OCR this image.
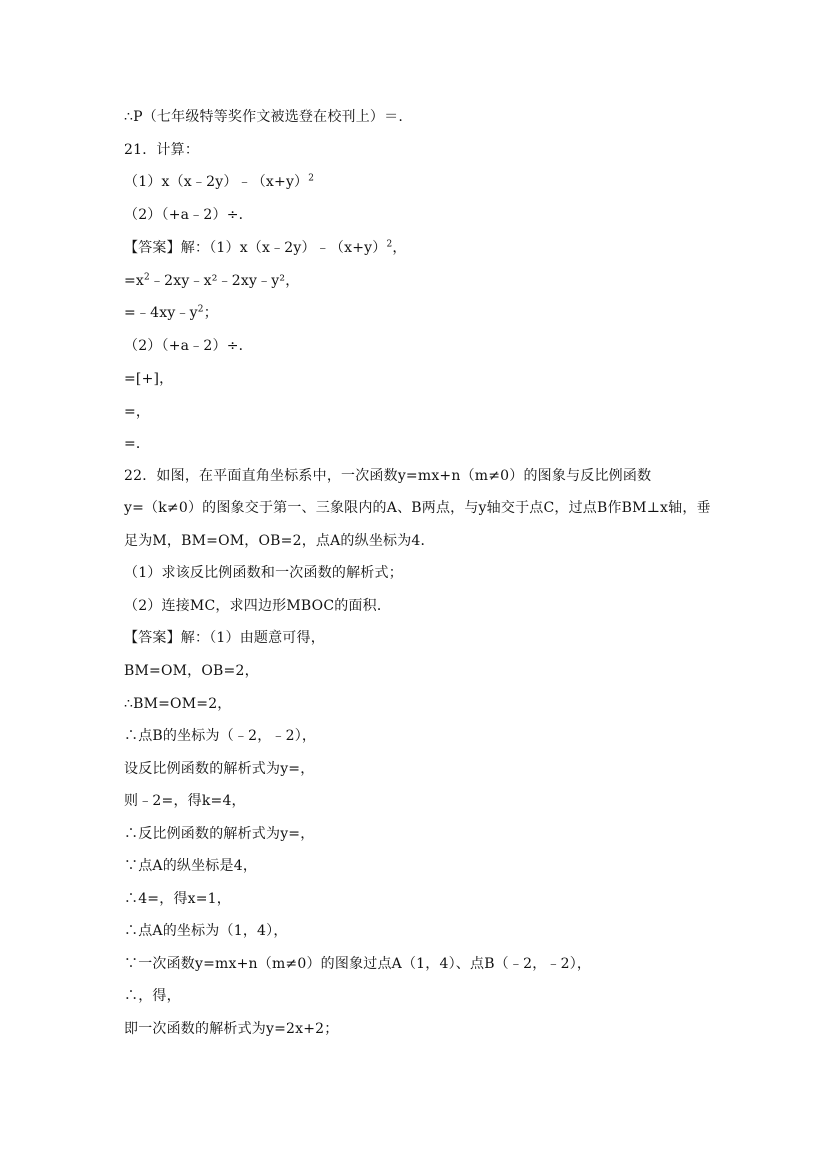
∴P（七年级特等奖作文被选登在校刊上）＝.
21．计算：
$(1)x(x﹣2y)﹣(x+y)^2$
（2）（+a﹣2）÷．
【答案】解：$(1)x(x﹣2y)﹣(x+y)^2$，
$=x^2﹣2xy﹣x^2﹣2xy﹣y^2$，
$=﹣4xy﹣y^2$；
（2）（+a﹣2）÷．
=[+]，
=，
=．
22．如图，在平面直角坐标系中，一次函数y=mx+n（m≠0）的图象与反比例函数
y=（k≠0）的图象交于第一、三象限内的A、B两点，与y轴交于点C，过点B作BM⊥x轴，垂
足为M，BM=OM，OB=2，点A的纵坐标为4．
（1）求该反比例函数和一次函数的解析式；
（2）连接MC，求四边形MBOC的面积．
【答案】解：（1）由题意可得，
BM=OM，OB=2，
∴BM=OM=2，
∴点B的坐标为（﹣2，﹣2），
设反比例函数的解析式为y=，
则﹣2=，得k=4，
∴反比例函数的解析式为y=，
∵点A的纵坐标是4，
∴4=，得x=1，
∴点A的坐标为（1，4），
∵一次函数y=mx+n（m≠0）的图象过点A（1，4）、点B（﹣2，﹣2），
∴，得，
即一次函数的解析式为y=2x+2；
